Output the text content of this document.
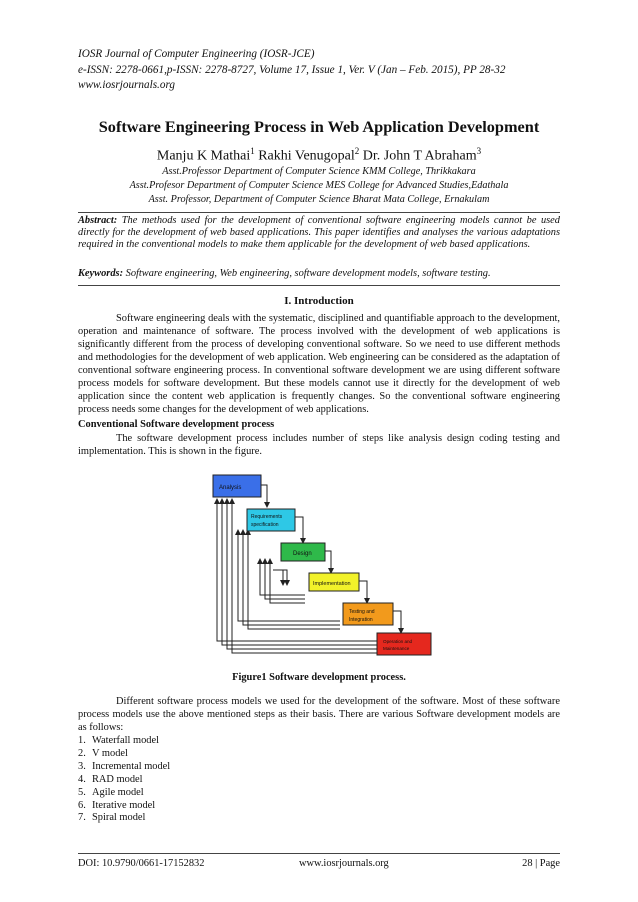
IOSR Journal of Computer Engineering (IOSR-JCE)
e-ISSN: 2278-0661,p-ISSN: 2278-8727, Volume 17, Issue 1, Ver. V (Jan – Feb. 2015), PP 28-32
www.iosrjournals.org
Software Engineering Process in Web Application Development
Manju K Mathai$^1$ Rakhi Venugopal$^2$ Dr. John T Abraham$^3$
Asst.Professor Department of Computer Science KMM College, Thrikkakara
Asst.Profesor Department of Computer Science MES College for Advanced Studies,Edathala
Asst. Professor, Department of Computer Science Bharat Mata College, Ernakulam
Abstract: The methods used for the development of conventional software engineering models cannot be used directly for the development of web based applications. This paper identifies and analyses the various adaptations required in the conventional models to make them applicable for the development of web based applications.
Keywords: Software engineering, Web engineering, software development models, software testing.
I. Introduction
Software engineering deals with the systematic, disciplined and quantifiable approach to the development, operation and maintenance of software. The process involved with the development of web applications is significantly different from the process of developing conventional software. So we need to use different methods and methodologies for the development of web application. Web engineering can be considered as the adaptation of conventional software engineering process. In conventional software development we are using different software process models for software development. But these models cannot use it directly for the development of web application since the content web application is frequently changes. So the conventional software engineering process needs some changes for the development of web applications.
Conventional Software development process
The software development process includes number of steps like analysis design coding testing and implementation. This is shown in the figure.
Analysis
Requirements
specification
Design
Implementation
Testing and
Integration
Operation and
Maintenance
Figure1 Software development process.
Different software process models we used for the development of the software. Most of these software process models use the above mentioned steps as their basis. There are various Software development models are as follows:
1. Waterfall model
2. V model
3. Incremental model
4. RAD model
5. Agile model
6. Iterative model
7. Spiral model
DOI: 10.9790/0661-17152832	www.iosrjournals.org	28 | Page
